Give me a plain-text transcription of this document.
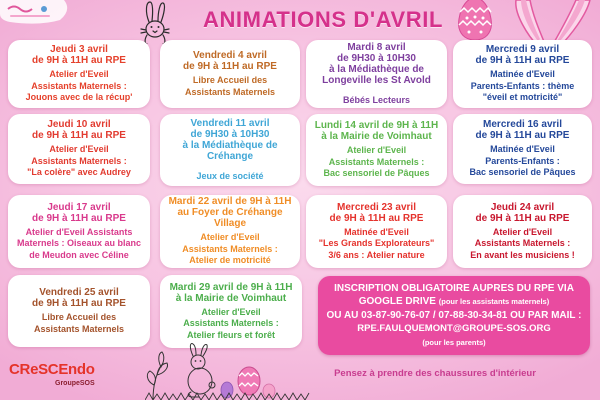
ANIMATIONS D'AVRIL
Jeudi 3 avril
de 9H à 11H au RPE
Atelier d'Eveil
Assistants Maternels :
Jouons avec de la récup'
Vendredi 4 avril
de 9H à 11H au RPE
Libre Accueil des
Assistants Maternels
Mardi 8 avril
de 9H30 à 10H30
à la Médiathèque de
Longeville les St Avold
Bébés Lecteurs
Mercredi 9 avril
de 9H à 11H au RPE
Matinée d'Eveil
Parents-Enfants : thème
"éveil et motricité"
Jeudi 10 avril
de 9H à 11H au RPE
Atelier d'Eveil
Assistants Maternels :
"La colère" avec Audrey
Vendredi 11 avril
de 9H30 à 10H30
à la Médiathèque de
Créhange
Jeux de société
Lundi 14 avril de 9H à 11H
à la Mairie de Voimhaut
Atelier d'Eveil
Assistants Maternels :
Bac sensoriel de Pâques
Mercredi 16 avril
de 9H à 11H au RPE
Matinée d'Eveil
Parents-Enfants :
Bac sensoriel de Pâques
Jeudi 17 avril
de 9H à 11H au RPE
Atelier d'Eveil Assistants
Maternels : Oiseaux au blanc
de Meudon avec Céline
Mardi 22 avril de 9H à 11H
au Foyer de Créhange
Village
Atelier d'Eveil
Assistants Maternels :
Atelier de motricité
Mercredi 23 avril
de 9H à 11H au RPE
Matinée d'Eveil
"Les Grands Explorateurs"
3/6 ans : Atelier nature
Jeudi 24 avril
de 9H à 11H au RPE
Atelier d'Eveil
Assistants Maternels :
En avant les musiciens !
Vendredi 25 avril
de 9H à 11H au RPE
Libre Accueil des
Assistants Maternels
Mardi 29 avril de 9H à 11H
à la Mairie de Voimhaut
Atelier d'Eveil
Assistants Maternels :
Atelier fleurs et forêt
INSCRIPTION OBLIGATOIRE AUPRES DU RPE VIA
GOOGLE DRIVE (pour les assistants maternels)
OU AU 03-87-90-76-07 / 07-88-30-34-81 OU PAR MAIL :
RPE.FAULQUEMONT@GROUPE-SOS.ORG
(pour les parents)
CReSCEndo
GroupeSOS
Pensez à prendre des chaussures d'intérieur
